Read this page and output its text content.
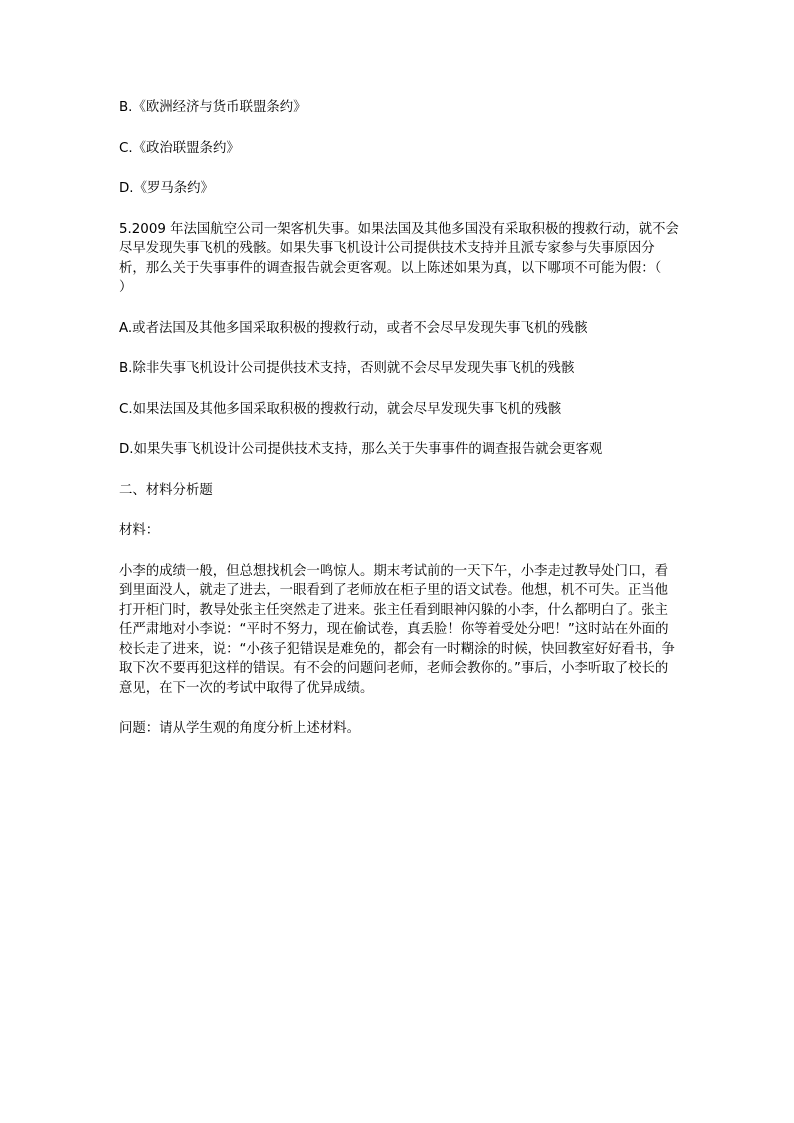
B.《欧洲经济与货币联盟条约》

C.《政治联盟条约》

D.《罗马条约》

5.2009 年法国航空公司一架客机失事。如果法国及其他多国没有采取积极的搜救行动，就不会尽早发现失事飞机的残骸。如果失事飞机设计公司提供技术支持并且派专家参与失事原因分析，那么关于失事事件的调查报告就会更客观。以上陈述如果为真，以下哪项不可能为假：（　 ）

A.或者法国及其他多国采取积极的搜救行动，或者不会尽早发现失事飞机的残骸

B.除非失事飞机设计公司提供技术支持，否则就不会尽早发现失事飞机的残骸

C.如果法国及其他多国采取积极的搜救行动，就会尽早发现失事飞机的残骸

D.如果失事飞机设计公司提供技术支持，那么关于失事事件的调查报告就会更客观

二、材料分析题

材料：

小李的成绩一般，但总想找机会一鸣惊人。期末考试前的一天下午，小李走过教导处门口，看到里面没人，就走了进去，一眼看到了老师放在柜子里的语文试卷。他想，机不可失。正当他打开柜门时，教导处张主任突然走了进来。张主任看到眼神闪躲的小李，什么都明白了。张主任严肃地对小李说：“平时不努力，现在偷试卷，真丢脸！你等着受处分吧！”这时站在外面的校长走了进来，说：“小孩子犯错误是难免的，都会有一时糊涂的时候，快回教室好好看书，争取下次不要再犯这样的错误。有不会的问题问老师，老师会教你的。”事后，小李听取了校长的意见，在下一次的考试中取得了优异成绩。

问题：请从学生观的角度分析上述材料。
